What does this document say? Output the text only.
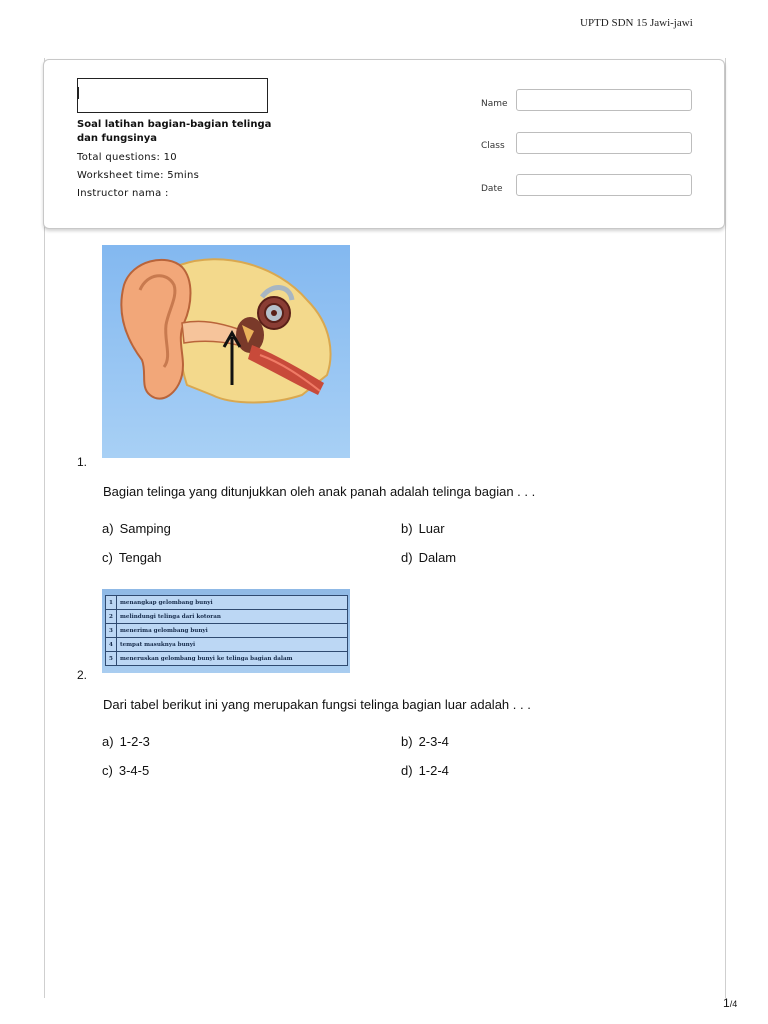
UPTD SDN 15 Jawi-jawi
Soal latihan bagian-bagian telinga dan fungsinya
Total questions: 10
Worksheet time: 5mins
Instructor nama :
Name
Class
Date
1.
Bagian telinga yang ditunjukkan oleh anak panah adalah telinga bagian . . .
a) Samping	b) Luar
c) Tengah	d) Dalam
1	menangkap gelombang bunyi
2	melindungi telinga dari kotoran
3	menerima gelombang bunyi
4	tempat masuknya bunyi
5	meneruskan gelombang bunyi ke telinga bagian dalam
2.
Dari tabel berikut ini yang merupakan fungsi telinga bagian luar adalah . . .
a) 1-2-3	b) 2-3-4
c) 3-4-5	d) 1-2-4
1/4
